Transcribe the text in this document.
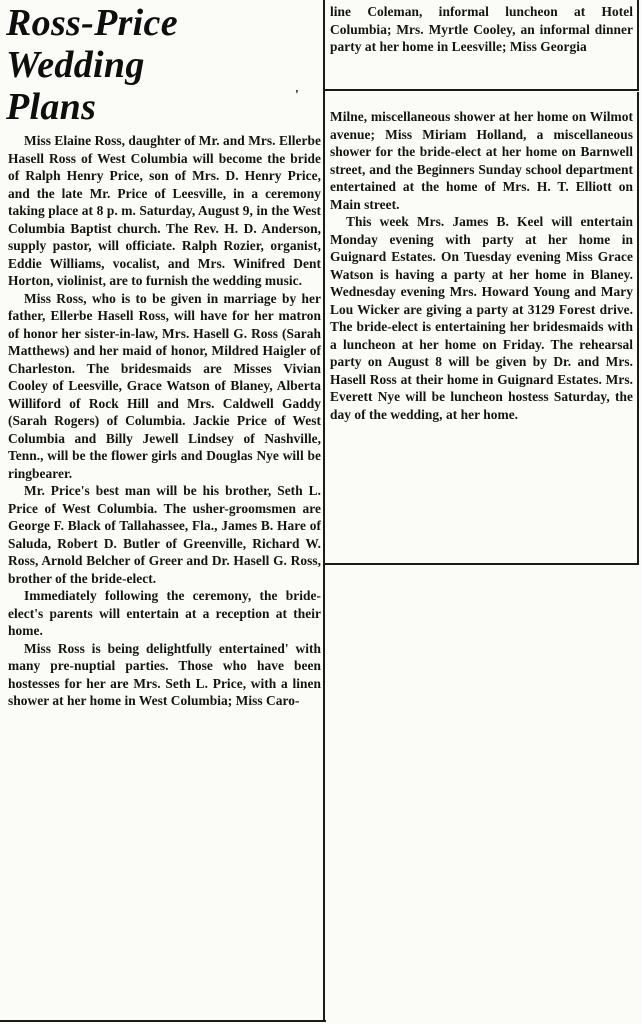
Ross-Price
Wedding
Plans	'

Miss Elaine Ross, daughter of Mr. and Mrs. Ellerbe Hasell Ross of West Columbia will become the bride of Ralph Henry Price, son of Mrs. D. Henry Price, and the late Mr. Price of Leesville, in a ceremony taking place at 8 p. m. Saturday, August 9, in the West Columbia Baptist church. The Rev. H. D. Anderson, supply pastor, will officiate. Ralph Rozier, organist, Eddie Williams, vocalist, and Mrs. Winifred Dent Horton, violinist, are to furnish the wedding music.

Miss Ross, who is to be given in marriage by her father, Ellerbe Hasell Ross, will have for her matron of honor her sister-in-law, Mrs. Hasell G. Ross (Sarah Matthews) and her maid of honor, Mildred Haigler of Charleston. The bridesmaids are Misses Vivian Cooley of Leesville, Grace Watson of Blaney, Alberta Williford of Rock Hill and Mrs. Caldwell Gaddy (Sarah Rogers) of Columbia. Jackie Price of West Columbia and Billy Jewell Lindsey of Nashville, Tenn., will be the flower girls and Douglas Nye will be ringbearer.

Mr. Price's best man will be his brother, Seth L. Price of West Columbia. The usher-groomsmen are George F. Black of Tallahassee, Fla., James B. Hare of Saluda, Robert D. Butler of Greenville, Richard W. Ross, Arnold Belcher of Greer and Dr. Hasell G. Ross, brother of the bride-elect.

Immediately following the ceremony, the bride-elect's parents will entertain at a reception at their home.

Miss Ross is being delightfully entertained' with many pre-nuptial parties. Those who have been hostesses for her are Mrs. Seth L. Price, with a linen shower at her home in West Columbia; Miss Caro-

line Coleman, informal luncheon at Hotel Columbia; Mrs. Myrtle Cooley, an informal dinner party at her home in Leesville; Miss Georgia

Milne, miscellaneous shower at her home on Wilmot avenue; Miss Miriam Holland, a miscellaneous shower for the bride-elect at her home on Barnwell street, and the Beginners Sunday school department entertained at the home of Mrs. H. T. Elliott on Main street.

This week Mrs. James B. Keel will entertain Monday evening with party at her home in Guignard Estates. On Tuesday evening Miss Grace Watson is having a party at her home in Blaney. Wednesday evening Mrs. Howard Young and Mary Lou Wicker are giving a party at 3129 Forest drive. The bride-elect is entertaining her bridesmaids with a luncheon at her home on Friday. The rehearsal party on August 8 will be given by Dr. and Mrs. Hasell Ross at their home in Guignard Estates. Mrs. Everett Nye will be luncheon hostess Saturday, the day of the wedding, at her home.
